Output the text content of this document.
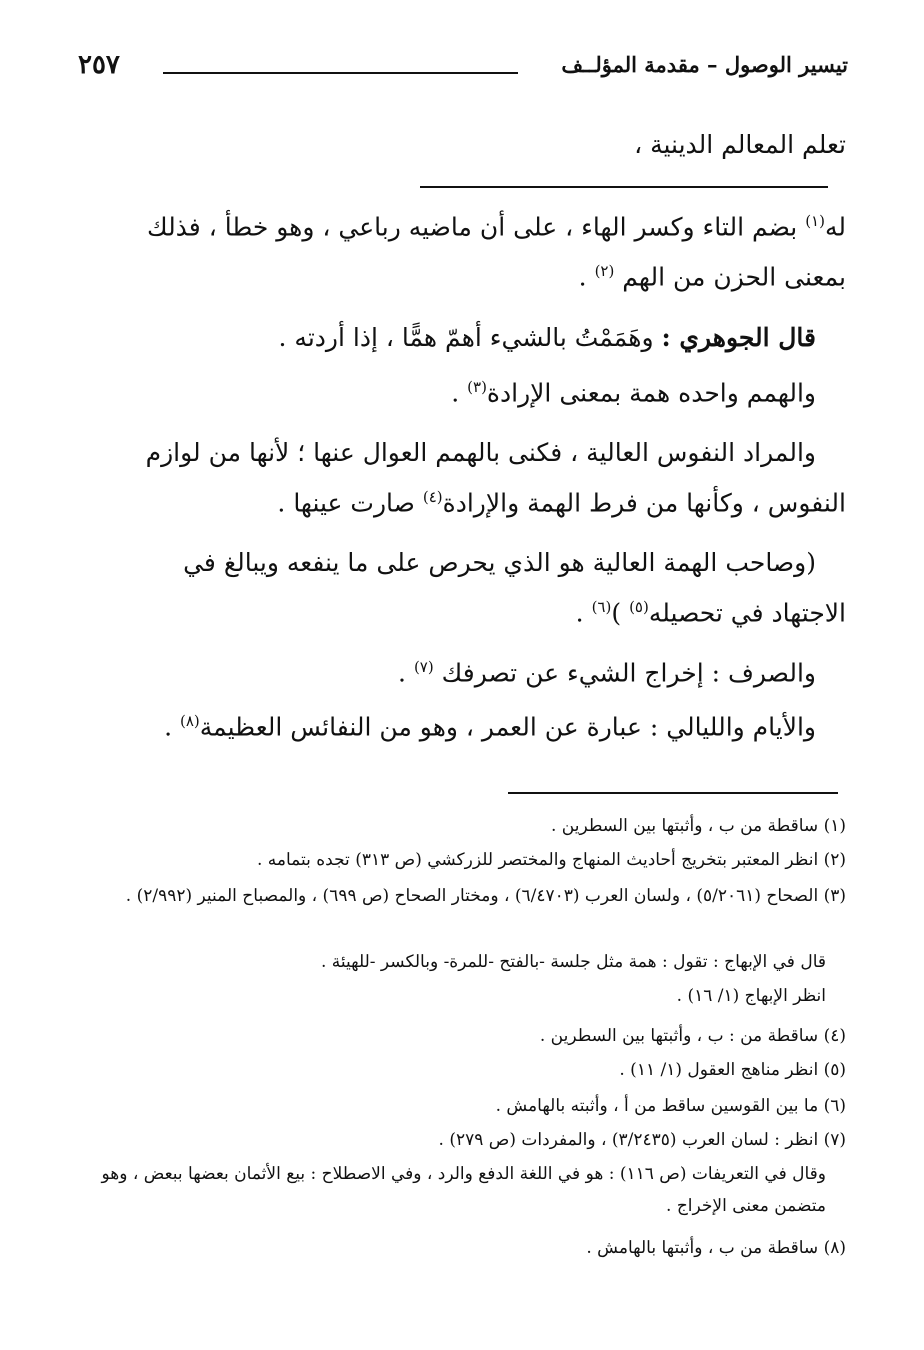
تيسير الوصول – مقدمة المؤلــف
٢٥٧
تعلم المعالم الدينية ،
له$^{(١)}$ بضم التاء وكسر الهاء ، على أن ماضيه رباعي ، وهو خطأ ، فذلك
بمعنى الحزن من الهم $^{(٢)}$ .
قال الجوهري : وهَمَمْتُ بالشيء أهمّ همًّا ، إذا أردته .
والهمم واحده همة بمعنى الإرادة$^{(٣)}$ .
والمراد النفوس العالية ، فكنى بالهمم العوال عنها ؛ لأنها من لوازم
النفوس ، وكأنها من فرط الهمة والإرادة$^{(٤)}$ صارت عينها .
(وصاحب الهمة العالية هو الذي يحرص على ما ينفعه ويبالغ في
الاجتهاد في تحصيله$^{(٥)}$ )$^{(٦)}$ .
والصرف : إخراج الشيء عن تصرفك $^{(٧)}$ .
والأيام والليالي : عبارة عن العمر ، وهو من النفائس العظيمة$^{(٨)}$ .
(١) ساقطة من ب ، وأثبتها بين السطرين .
(٢) انظر المعتبر بتخريج أحاديث المنهاج والمختصر للزركشي (ص ٣١٣) تجده بتمامه .
(٣) الصحاح (٥/٢٠٦١) ، ولسان العرب (٦/٤٧٠٣) ، ومختار الصحاح (ص ٦٩٩) ، والمصباح المنير (٢/٩٩٢) .
قال في الإبهاج : تقول : همة مثل جلسة -بالفتح -للمرة- وبالكسر -للهيئة .
انظر الإبهاج (١/ ١٦) .
(٤) ساقطة من : ب ، وأثبتها بين السطرين .
(٥) انظر مناهج العقول (١/ ١١) .
(٦) ما بين القوسين ساقط من أ ، وأثبته بالهامش .
(٧) انظر : لسان العرب (٣/٢٤٣٥) ، والمفردات (ص ٢٧٩) .
وقال في التعريفات (ص ١١٦) : هو في اللغة الدفع والرد ، وفي الاصطلاح : بيع الأثمان بعضها ببعض ، وهو متضمن معنى الإخراج .
(٨) ساقطة من ب ، وأثبتها بالهامش .
